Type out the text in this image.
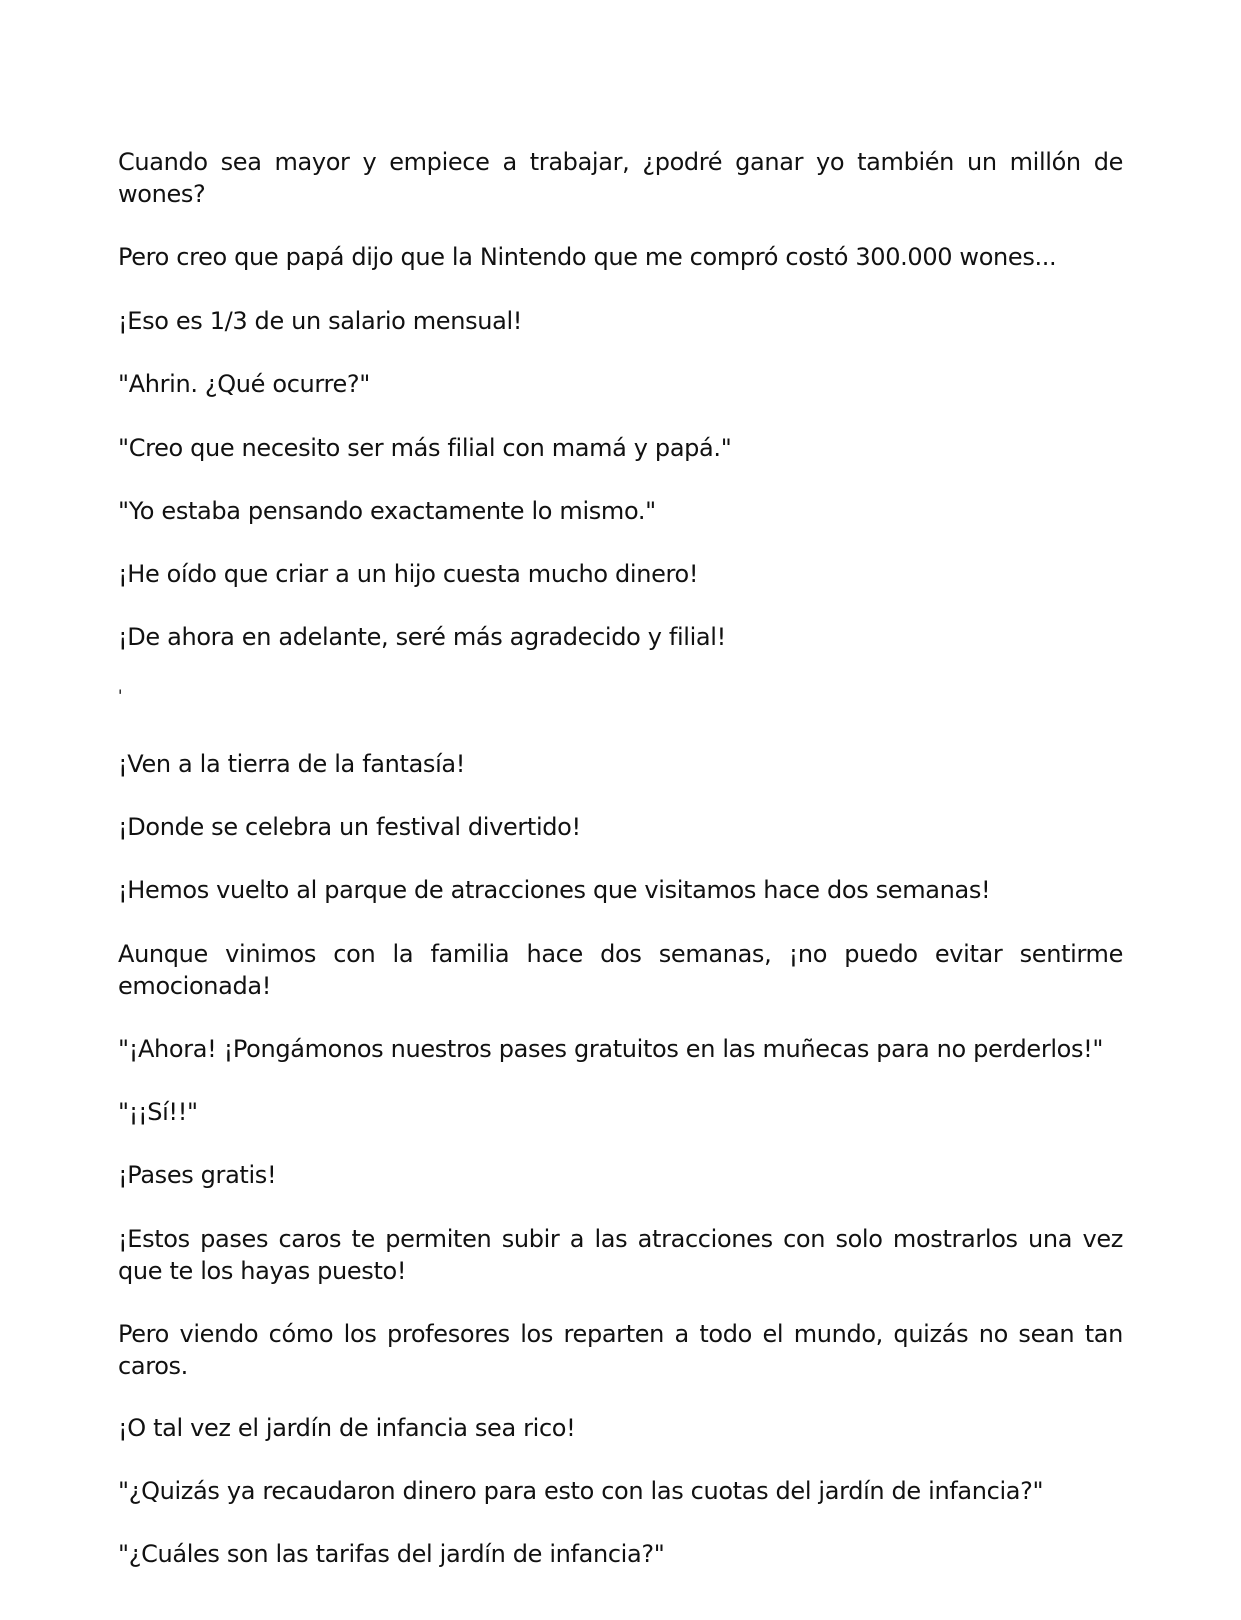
Cuando sea mayor y empiece a trabajar, ¿podré ganar yo también un millón de wones?

Pero creo que papá dijo que la Nintendo que me compró costó 300.000 wones...

¡Eso es 1/3 de un salario mensual!

"Ahrin. ¿Qué ocurre?"

"Creo que necesito ser más filial con mamá y papá."

"Yo estaba pensando exactamente lo mismo."

¡He oído que criar a un hijo cuesta mucho dinero!

¡De ahora en adelante, seré más agradecido y filial!

'

¡Ven a la tierra de la fantasía!

¡Donde se celebra un festival divertido!

¡Hemos vuelto al parque de atracciones que visitamos hace dos semanas!

Aunque vinimos con la familia hace dos semanas, ¡no puedo evitar sentirme emocionada!

"¡Ahora! ¡Pongámonos nuestros pases gratuitos en las muñecas para no perderlos!"

"¡¡Sí!!"

¡Pases gratis!

¡Estos pases caros te permiten subir a las atracciones con solo mostrarlos una vez que te los hayas puesto!

Pero viendo cómo los profesores los reparten a todo el mundo, quizás no sean tan caros.

¡O tal vez el jardín de infancia sea rico!

"¿Quizás ya recaudaron dinero para esto con las cuotas del jardín de infancia?"

"¿Cuáles son las tarifas del jardín de infancia?"
